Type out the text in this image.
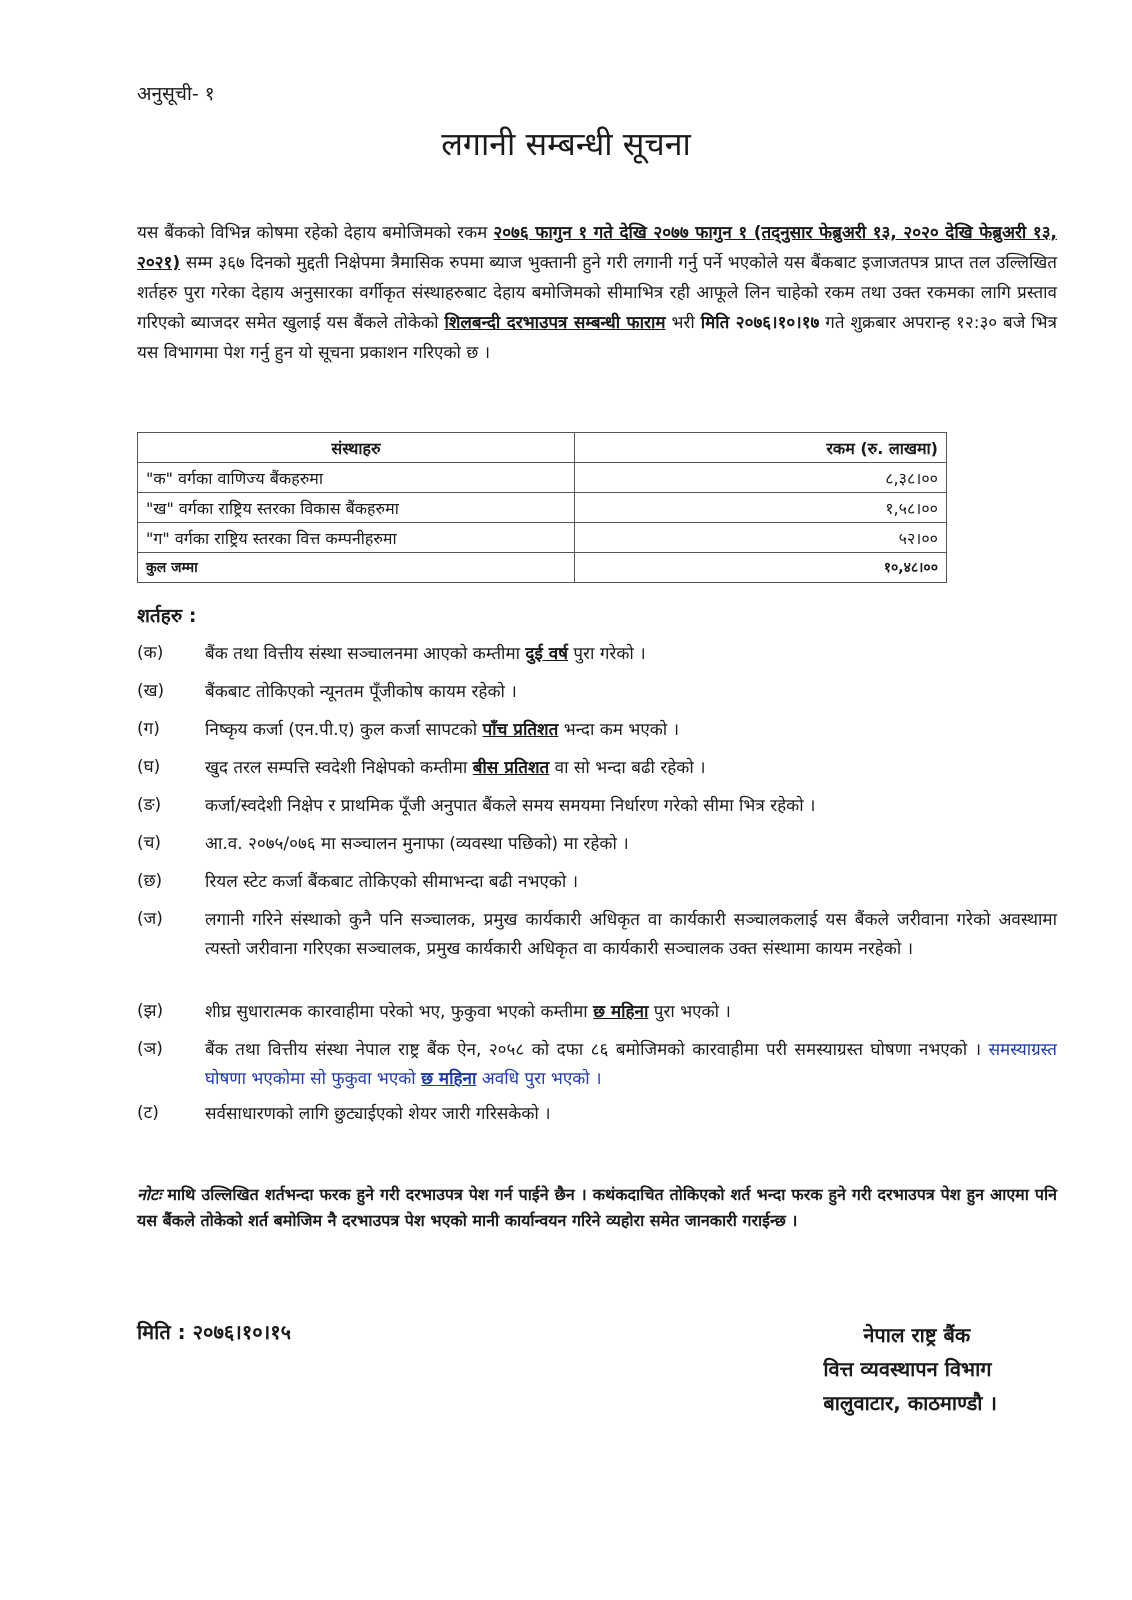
अनुसूची- १
लगानी सम्बन्धी सूचना
यस बैंकको विभिन्न कोषमा रहेको देहाय बमोजिमको रकम २०७६ फागुन १ गते देखि २०७७ फागुन १ (तद्नुसार फेब्रुअरी १३, २०२० देखि फेब्रुअरी १३, २०२१) सम्म ३६७ दिनको मुद्दती निक्षेपमा त्रैमासिक रुपमा ब्याज भुक्तानी हुने गरी लगानी गर्नु पर्ने भएकोले यस बैंकबाट इजाजतपत्र प्राप्त तल उल्लिखित शर्तहरु पुरा गरेका देहाय अनुसारका वर्गीकृत संस्थाहरुबाट देहाय बमोजिमको सीमाभित्र रही आफूले लिन चाहेको रकम तथा उक्त रकमका लागि प्रस्ताव गरिएको ब्याजदर समेत खुलाई यस बैंकले तोकेको शिलबन्दी दरभाउपत्र सम्बन्धी फाराम भरी मिति २०७६।१०।१७ गते शुक्रबार अपरान्ह १२:३० बजे भित्र यस विभागमा पेश गर्नु हुन यो सूचना प्रकाशन गरिएको छ ।
संस्थाहरु	रकम (रु. लाखमा)
"क" वर्गका वाणिज्य बैंकहरुमा	८,३८।००
"ख" वर्गका राष्ट्रिय स्तरका विकास बैंकहरुमा	१,५८।००
"ग" वर्गका राष्ट्रिय स्तरका वित्त कम्पनीहरुमा	५२।००
कुल जम्मा	१०,४८।००
शर्तहरु :
(क)	बैंक तथा वित्तीय संस्था सञ्चालनमा आएको कम्तीमा दुई वर्ष पुरा गरेको ।
(ख)	बैंकबाट तोकिएको न्यूनतम पूँजीकोष कायम रहेको ।
(ग)	निष्कृय कर्जा (एन.पी.ए) कुल कर्जा सापटको पाँच प्रतिशत भन्दा कम भएको ।
(घ)	खुद तरल सम्पत्ति स्वदेशी निक्षेपको कम्तीमा बीस प्रतिशत वा सो भन्दा बढी रहेको ।
(ङ)	कर्जा/स्वदेशी निक्षेप र प्राथमिक पूँजी अनुपात बैंकले समय समयमा निर्धारण गरेको सीमा भित्र रहेको ।
(च)	आ.व. २०७५/०७६ मा सञ्चालन मुनाफा (व्यवस्था पछिको) मा रहेको ।
(छ)	रियल स्टेट कर्जा बैंकबाट तोकिएको सीमाभन्दा बढी नभएको ।
(ज)	लगानी गरिने संस्थाको कुनै पनि सञ्चालक, प्रमुख कार्यकारी अधिकृत वा कार्यकारी सञ्चालकलाई यस बैंकले जरीवाना गरेको अवस्थामा त्यस्तो जरीवाना गरिएका सञ्चालक, प्रमुख कार्यकारी अधिकृत वा कार्यकारी सञ्चालक उक्त संस्थामा कायम नरहेको ।
(झ)	शीघ्र सुधारात्मक कारवाहीमा परेको भए, फुकुवा भएको कम्तीमा छ महिना पुरा भएको ।
(ञ)	बैंक तथा वित्तीय संस्था नेपाल राष्ट्र बैंक ऐन, २०५८ को दफा ८६ बमोजिमको कारवाहीमा परी समस्याग्रस्त घोषणा नभएको । समस्याग्रस्त घोषणा भएकोमा सो फुकुवा भएको छ महिना अवधि पुरा भएको ।
(ट)	सर्वसाधारणको लागि छुट्याईएको शेयर जारी गरिसकेको ।
नोटः माथि उल्लिखित शर्तभन्दा फरक हुने गरी दरभाउपत्र पेश गर्न पाईने छैन । कथंकदाचित तोकिएको शर्त भन्दा फरक हुने गरी दरभाउपत्र पेश हुन आएमा पनि यस बैंकले तोकेको शर्त बमोजिम नै दरभाउपत्र पेश भएको मानी कार्यान्वयन गरिने व्यहोरा समेत जानकारी गराईन्छ ।
मिति : २०७६।१०।१५	नेपाल राष्ट्र बैंक
वित्त व्यवस्थापन विभाग
बालुवाटार, काठमाण्डौ ।
